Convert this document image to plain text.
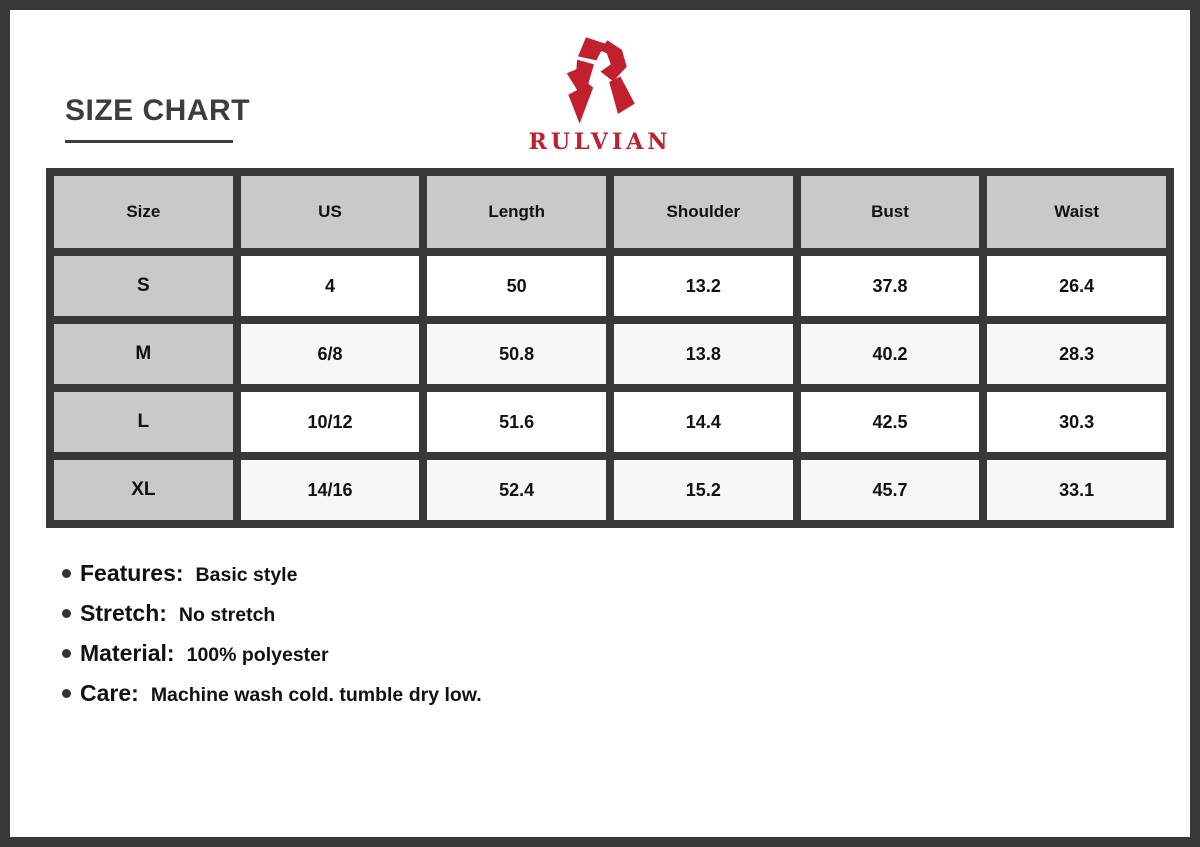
SIZE CHART
RULVIAN
Size	US	Length	Shoulder	Bust	Waist
S	4	50	13.2	37.8	26.4
M	6/8	50.8	13.8	40.2	28.3
L	10/12	51.6	14.4	42.5	30.3
XL	14/16	52.4	15.2	45.7	33.1
Features: Basic style
Stretch: No stretch
Material: 100% polyester
Care: Machine wash cold. tumble dry low.
